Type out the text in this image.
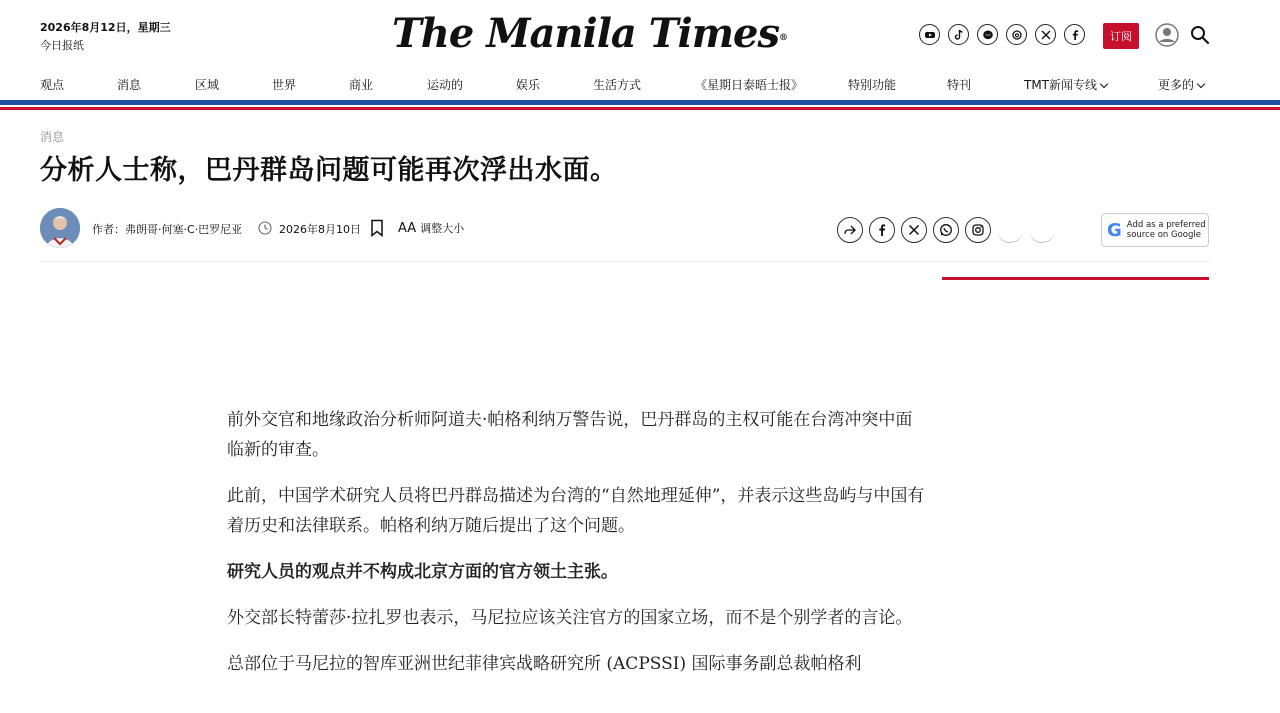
2026年8月12日，星期三
今日报纸	The Manila Times®	订阅
观点	消息	区域	世界	商业	运动的	娱乐	生活方式	《星期日泰晤士报》	特别功能	特刊	TMT新闻专线	更多的
消息
分析人士称，巴丹群岛问题可能再次浮出水面。
作者：弗朗哥·何塞·C·巴罗尼亚	2026年8月10日	AA 调整大小	G Add as a preferred
source on Google

前外交官和地缘政治分析师阿道夫·帕格利纳万警告说，巴丹群岛的主权可能在台湾冲突中面临新的审查。

此前，中国学术研究人员将巴丹群岛描述为台湾的“自然地理延伸”，并表示这些岛屿与中国有着历史和法律联系。帕格利纳万随后提出了这个问题。

研究人员的观点并不构成北京方面的官方领土主张。

外交部长特蕾莎·拉扎罗也表示，马尼拉应该关注官方的国家立场，而不是个别学者的言论。

总部位于马尼拉的智库亚洲世纪菲律宾战略研究所 (ACPSSI) 国际事务副总裁帕格利
